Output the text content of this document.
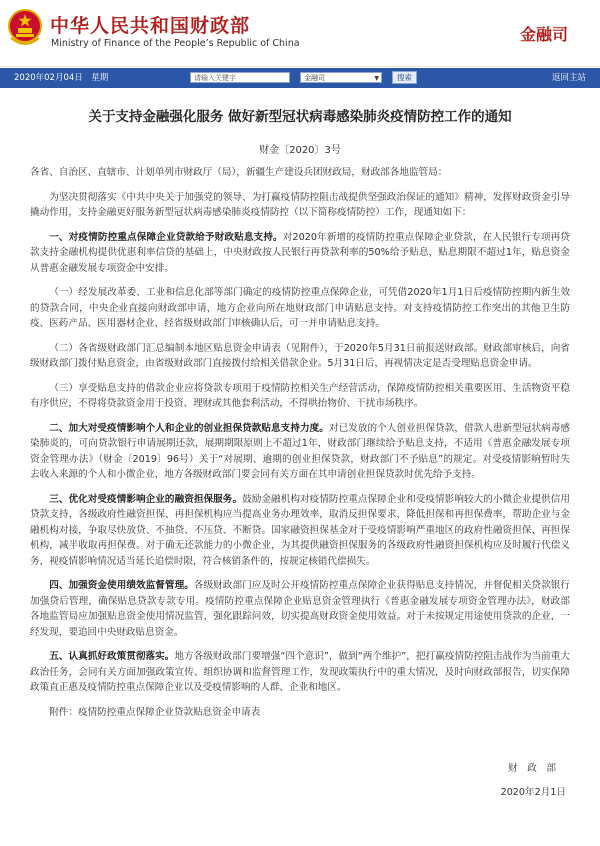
中华人民共和国财政部
Ministry of Finance of the People’s Republic of China	金融司
2020年02月04日　星期	请输入关键字	金融司	▼	搜索	返回主站
关于支持金融强化服务 做好新型冠状病毒感染肺炎疫情防控工作的通知
财金〔2020〕3号

各省、自治区、直辖市、计划单列市财政厅（局），新疆生产建设兵团财政局，财政部各地监管局：

为坚决贯彻落实《中共中央关于加强党的领导、为打赢疫情防控阻击战提供坚强政治保证的通知》精神，发挥财政资金引导撬动作用，支持金融更好服务新型冠状病毒感染肺炎疫情防控（以下简称疫情防控）工作，现通知如下：

一、对疫情防控重点保障企业贷款给予财政贴息支持。对2020年新增的疫情防控重点保障企业贷款，在人民银行专项再贷款支持金融机构提供优惠利率信贷的基础上，中央财政按人民银行再贷款利率的50%给予贴息，贴息期限不超过1年，贴息资金从普惠金融发展专项资金中安排。

（一）经发展改革委、工业和信息化部等部门确定的疫情防控重点保障企业，可凭借2020年1月1日后疫情防控期内新生效的贷款合同，中央企业直接向财政部申请，地方企业向所在地财政部门申请贴息支持。对支持疫情防控工作突出的其他卫生防疫、医药产品、医用器材企业，经省级财政部门审核确认后，可一并申请贴息支持。

（二）各省级财政部门汇总编制本地区贴息资金申请表（见附件），于2020年5月31日前报送财政部。财政部审核后，向省级财政部门拨付贴息资金，由省级财政部门直接拨付给相关借款企业。5月31日后，再视情决定是否受理贴息资金申请。

（三）享受贴息支持的借款企业应将贷款专项用于疫情防控相关生产经营活动，保障疫情防控相关重要医用、生活物资平稳有序供应，不得将贷款资金用于投资、理财或其他套利活动，不得哄抬物价、干扰市场秩序。

二、加大对受疫情影响个人和企业的创业担保贷款贴息支持力度。对已发放的个人创业担保贷款，借款人患新型冠状病毒感染肺炎的，可向贷款银行申请展期还款，展期期限原则上不超过1年，财政部门继续给予贴息支持，不适用《普惠金融发展专项资金管理办法》（财金〔2019〕96号）关于“对展期、逾期的创业担保贷款，财政部门不予贴息”的规定。对受疫情影响暂时失去收入来源的个人和小微企业，地方各级财政部门要会同有关方面在其申请创业担保贷款时优先给予支持。

三、优化对受疫情影响企业的融资担保服务。鼓励金融机构对疫情防控重点保障企业和受疫情影响较大的小微企业提供信用贷款支持，各级政府性融资担保、再担保机构应当提高业务办理效率，取消反担保要求，降低担保和再担保费率，帮助企业与金融机构对接，争取尽快放贷、不抽贷、不压贷、不断贷。国家融资担保基金对于受疫情影响严重地区的政府性融资担保、再担保机构，减半收取再担保费。对于确无还款能力的小微企业，为其提供融资担保服务的各级政府性融资担保机构应及时履行代偿义务，视疫情影响情况适当延长追偿时限，符合核销条件的，按规定核销代偿损失。

四、加强资金使用绩效监督管理。各级财政部门应及时公开疫情防控重点保障企业获得贴息支持情况，并督促相关贷款银行加强贷后管理，确保贴息贷款专款专用。疫情防控重点保障企业贴息资金管理执行《普惠金融发展专项资金管理办法》，财政部各地监管局应加强贴息资金使用情况监管，强化跟踪问效，切实提高财政资金使用效益。对于未按规定用途使用贷款的企业，一经发现，要追回中央财政贴息资金。

五、认真抓好政策贯彻落实。地方各级财政部门要增强“四个意识”，做到“两个维护”，把打赢疫情防控阻击战作为当前重大政治任务，会同有关方面加强政策宣传、组织协调和监督管理工作，发现政策执行中的重大情况，及时向财政部报告，切实保障政策直正惠及疫情防控重点保障企业以及受疫情影响的人群、企业和地区。

附件：疫情防控重点保障企业贷款贴息资金申请表

财　政　部
2020年2月1日
